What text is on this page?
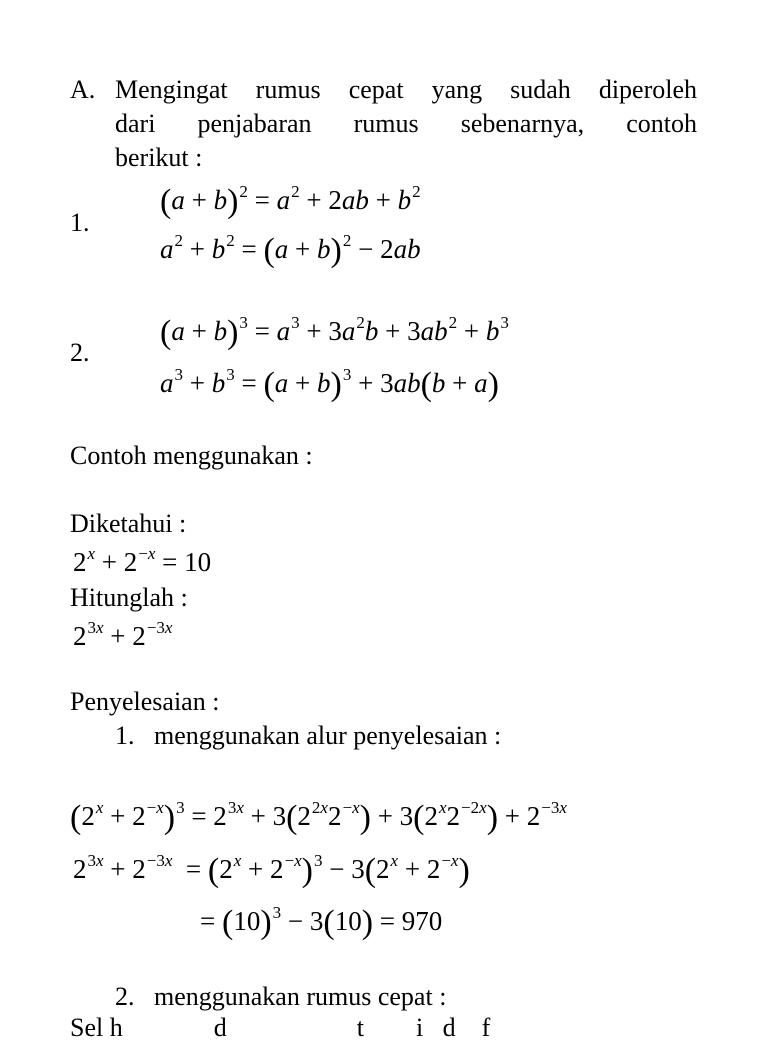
A. Mengingat rumus cepat yang sudah diperoleh
dari penjabaran rumus sebenarnya, contoh
berikut :
1.
$(a + b)^2 = a^2 + 2ab + b^2$
$a^2 + b^2 = (a + b)^2 - 2ab$
2.
$(a + b)^3 = a^3 + 3a^2b + 3ab^2 + b^3$
$a^3 + b^3 = (a + b)^3 + 3ab(b + a)$
Contoh menggunakan :
Diketahui :
$2^x + 2^{-x} = 10$
Hitunglah :
$2^{3x} + 2^{-3x}$
Penyelesaian :
1.   menggunakan alur penyelesaian :
$(2^x + 2^{-x})^3 = 2^{3x} + 3(2^{2x}2^{-x}) + 3(2^x2^{-2x}) + 2^{-3x}$
$2^{3x} + 2^{-3x} = (2^x + 2^{-x})^3 - 3(2^x + 2^{-x})$
= $(10)^3 - 3(10) = 970$
2.   menggunakan rumus cepat :
Sel h              d                    t        i   d    f
